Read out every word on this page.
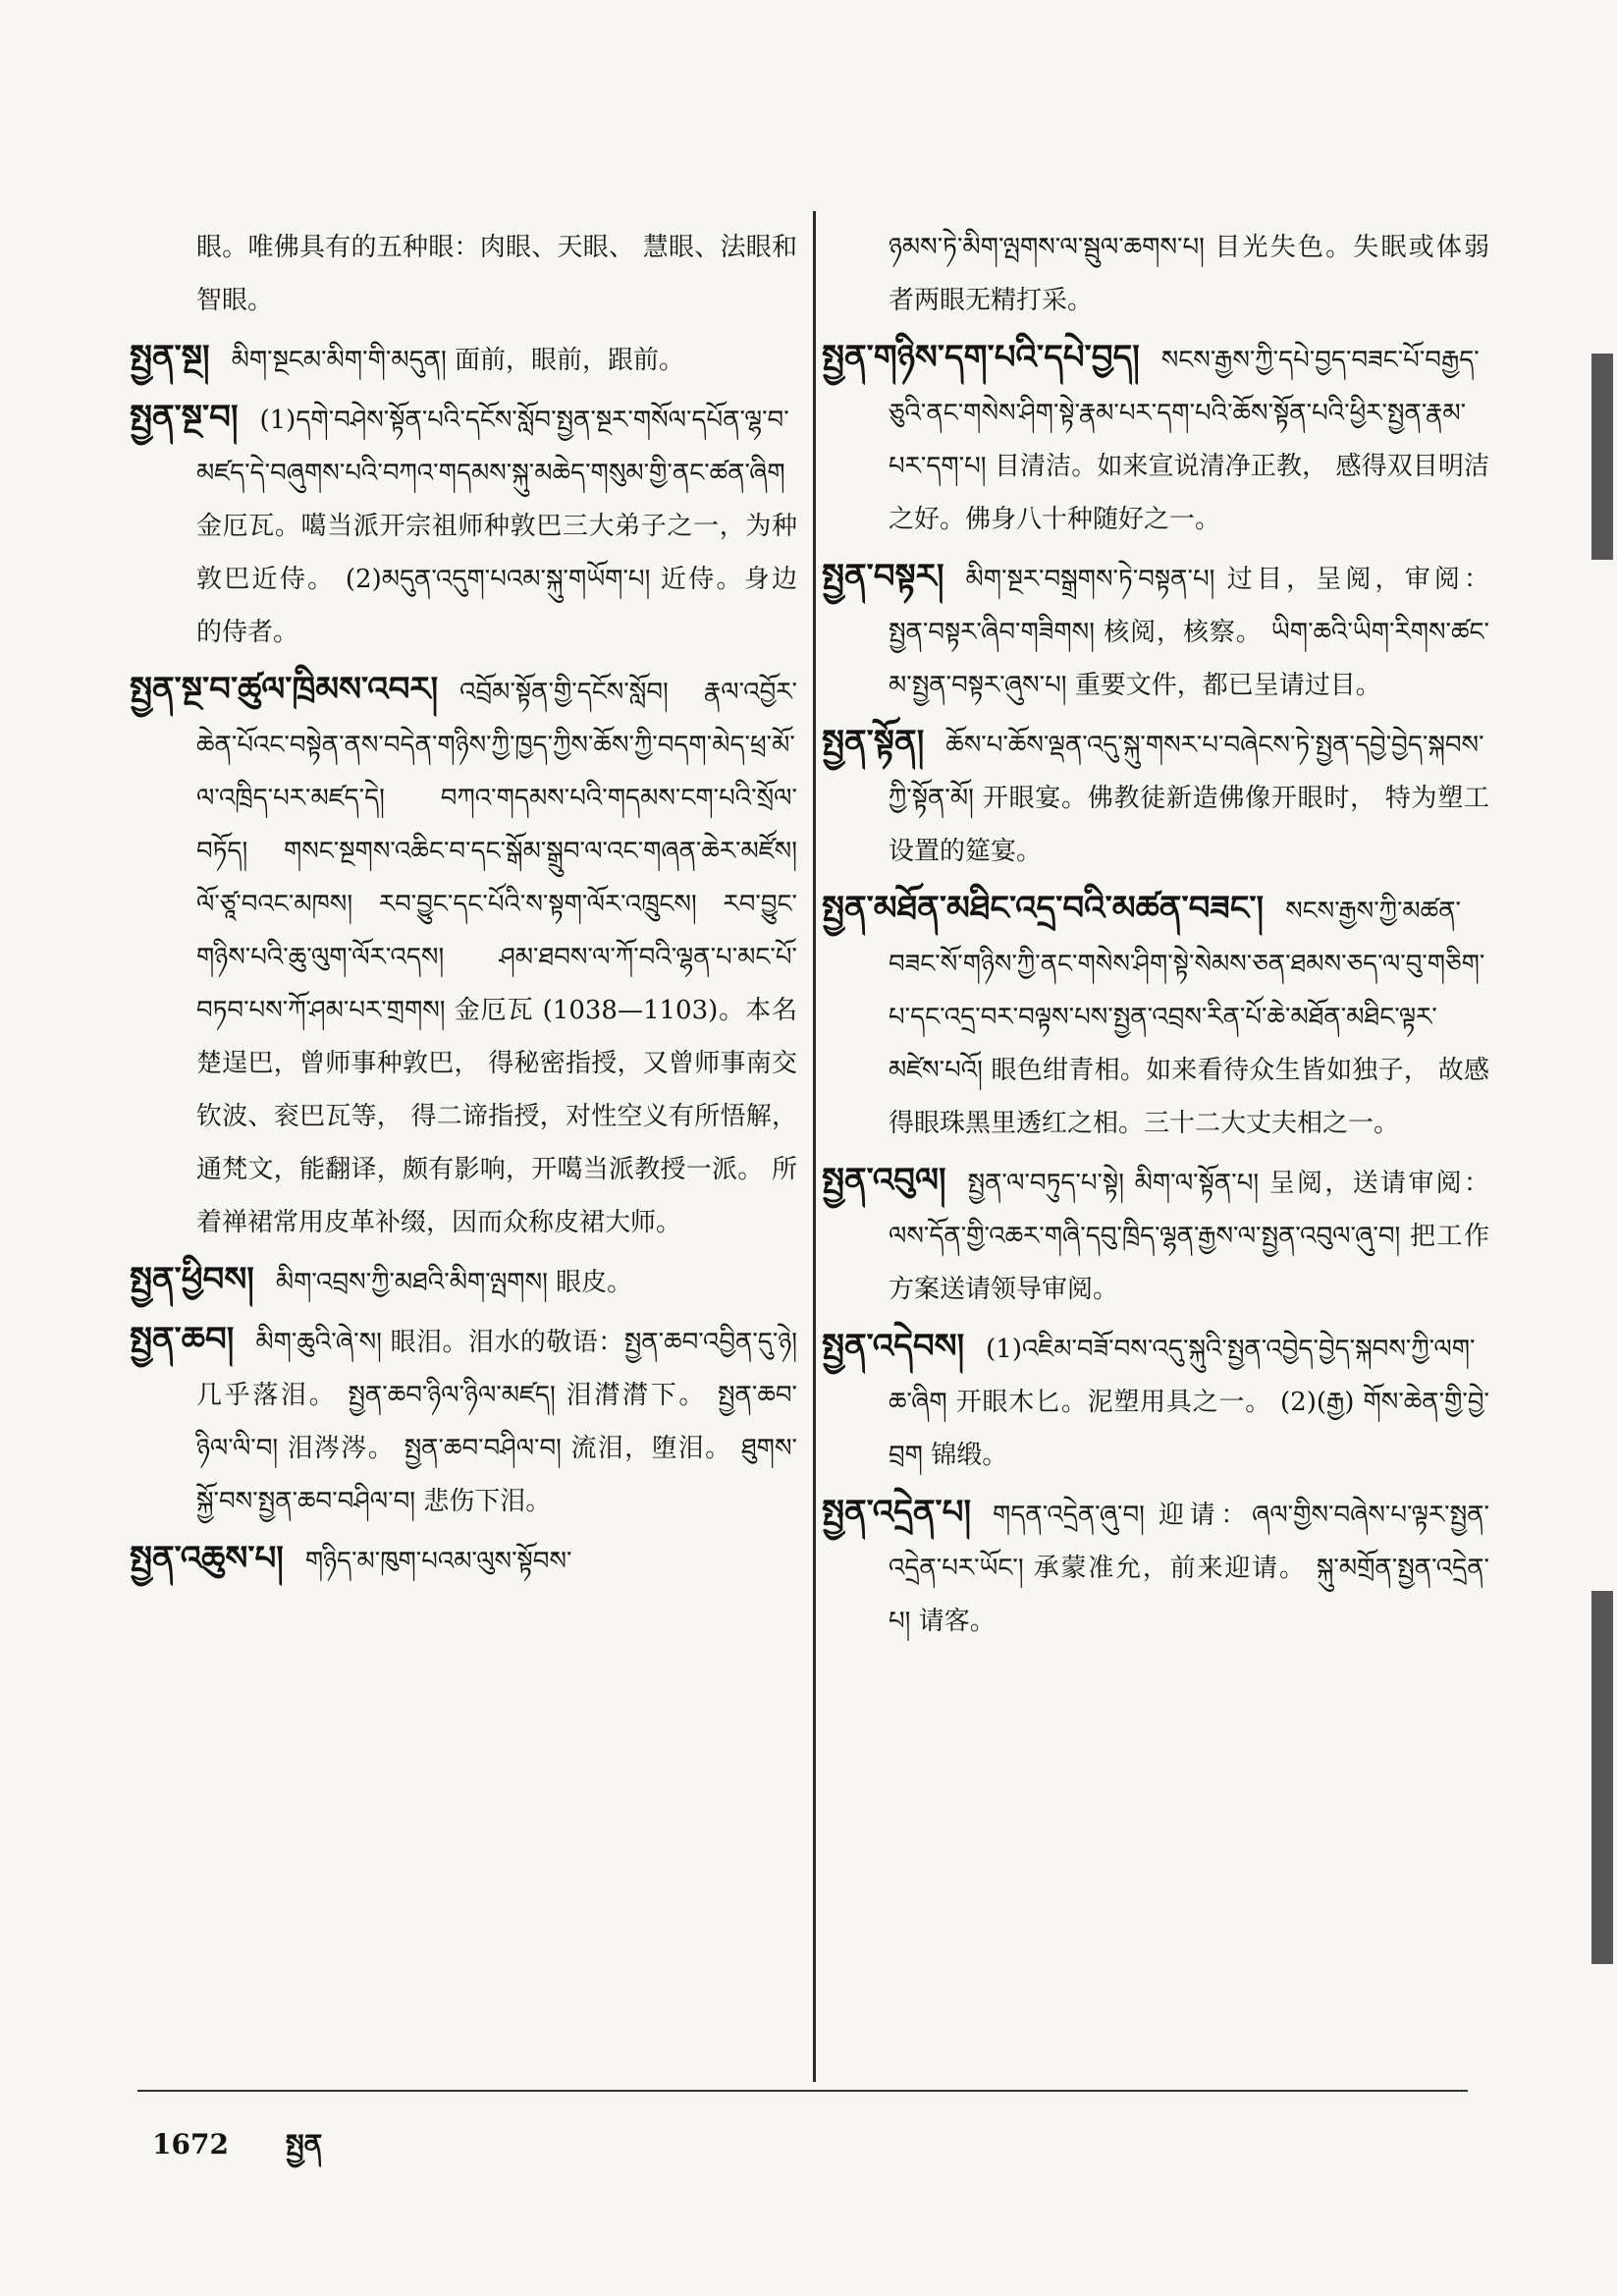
眼。唯佛具有的五种眼：肉眼、天眼、 慧眼、法眼和智眼。

སྤྱན་སྔ། མིག་སྔངམ་མིག་གི་མདུན། 面前，眼前，跟前。

སྤྱན་སྔ་བ། (1)དགེ་བཤེས་སྟོན་པའི་དངོས་སློབ་སྤྱན་སྔར་གསོལ་དཔོན་ལྷ་བ་མཛད་དེ་བཞུགས་པའི་བཀའ་གདམས་སྐུ་མཆེད་གསུམ་གྱི་ནང་ཚན་ཞིག 金厄瓦。噶当派开宗祖师种敦巴三大弟子之一，为种敦巴近侍。 (2)མདུན་འདུག་པའམ་སྐུ་གཡོག་པ། 近侍。身边的侍者。

སྤྱན་སྔ་བ་ཚུལ་ཁྲིམས་འབར། འབྲོམ་སྟོན་གྱི་དངོས་སློབ། རྣལ་འབྱོར་ཆེན་པོའང་བསྟེན་ནས་བདེན་གཉིས་ཀྱི་ཁྱད་ཀྱིས་ཆོས་ཀྱི་བདག་མེད་ཕྲ་མོ་ལ་འཁྲིད་པར་མཛད་དེ། བཀའ་གདམས་པའི་གདམས་ངག་པའི་སྲོལ་བཏོད། གསང་སྔགས་འཆིང་བ་དང་སྒོམ་སྒྲུབ་ལ་འང་གཞན་ཆེར་མཛོས། ལོ་ཙཱ་བའང་མཁས། རབ་བྱུང་དང་པོའི་ས་སྟག་ལོར་འཁྲུངས། རབ་བྱུང་གཉིས་པའི་ཆུ་ལུག་ལོར་འདས། ཤམ་ཐབས་ལ་ཀོ་བའི་ལྷན་པ་མང་པོ་བཏབ་པས་ཀོ་ཤམ་པར་གྲགས། 金厄瓦 (1038—1103)。本名楚逞巴，曾师事种敦巴， 得秘密指授，又曾师事南交钦波、衮巴瓦等， 得二谛指授，对性空义有所悟解，通梵文，能翻译，颇有影响，开噶当派教授一派。 所着禅裙常用皮革补缀，因而众称皮裙大师。

སྤྱན་ཕྱིབས། མིག་འབྲས་ཀྱི་མཐའི་མིག་ལྤགས། 眼皮。

སྤྱན་ཆབ། མིག་ཆུའི་ཞེ་ས། 眼泪。泪水的敬语：སྤྱན་ཆབ་འབྱིན་དུ་ཉེ། 几乎落泪。 སྤྱན་ཆབ་ཉིལ་ཉིལ་མཛད། 泪潸潸下。 སྤྱན་ཆབ་ཉིལ་ལི་བ། 泪涔涔。 སྤྱན་ཆབ་བཤིལ་བ། 流泪，堕泪。 ཐུགས་སྐྱོ་བས་སྤྱན་ཆབ་བཤིལ་བ། 悲伤下泪。

སྤྱན་འཆུས་པ། གཉིད་མ་ཁུག་པའམ་ལུས་སྟོབས་

ཉམས་ཏེ་མིག་ལྤགས་ལ་སྦུལ་ཆགས་པ། 目光失色。失眠或体弱者两眼无精打采。

སྤྱན་གཉིས་དག་པའི་དཔེ་བྱད། སངས་རྒྱས་ཀྱི་དཔེ་བྱད་བཟང་པོ་བརྒྱད་ཅུའི་ནང་གསེས་ཤིག་སྟེ་རྣམ་པར་དག་པའི་ཆོས་སྟོན་པའི་ཕྱིར་སྤྱན་རྣམ་པར་དག་པ། 目清洁。如来宣说清净正教， 感得双目明洁之好。佛身八十种随好之一。

སྤྱན་བསྟར། མིག་སྔར་བསྒྲགས་ཏེ་བསྟན་པ། 过目，呈阅，审阅：སྤྱན་བསྟར་ཞིབ་གཟིགས། 核阅，核察。 ཡིག་ཆའི་ཡིག་རིགས་ཚང་མ་སྤྱན་བསྟར་ཞུས་པ། 重要文件，都已呈请过目。

སྤྱན་སྟོན། ཆོས་པ་ཆོས་ལྡན་འདུ་སྐུ་གསར་པ་བཞེངས་ཏེ་སྤྱན་དབྱེ་བྱེད་སྐབས་ཀྱི་སྟོན་མོ། 开眼宴。佛教徒新造佛像开眼时， 特为塑工设置的筵宴。

སྤྱན་མཐོན་མཐིང་འདྲ་བའི་མཚན་བཟང་། སངས་རྒྱས་ཀྱི་མཚན་བཟང་སོ་གཉིས་ཀྱི་ནང་གསེས་ཤིག་སྟེ་སེམས་ཅན་ཐམས་ཅད་ལ་བུ་གཅིག་པ་དང་འདྲ་བར་བལྟས་པས་སྤྱན་འབྲས་རིན་པོ་ཆེ་མཐོན་མཐིང་ལྟར་མཛེས་པའོ། 眼色绀青相。如来看待众生皆如独子， 故感得眼珠黑里透红之相。三十二大丈夫相之一。

སྤྱན་འབུལ། སྤྱན་ལ་བཏུད་པ་སྟེ། མིག་ལ་སྟོན་པ། 呈阅，送请审阅：ལས་དོན་གྱི་འཆར་གཞི་དབུ་ཁྲིད་ལྷན་རྒྱས་ལ་སྤྱན་འབུལ་ཞུ་བ། 把工作方案送请领导审阅。

སྤྱན་འདེབས། (1)འཇིམ་བཟོ་བས་འདུ་སྐུའི་སྤྱན་འབྱེད་བྱེད་སྐབས་ཀྱི་ལག་ཆ་ཞིག 开眼木匕。泥塑用具之一。 (2)(རྒྱ) གོས་ཆེན་གྱི་བྱེ་བྲག 锦缎。

སྤྱན་འདྲེན་པ། གདན་འདྲེན་ཞུ་བ། 迎请：ཞལ་གྱིས་བཞེས་པ་ལྟར་སྤྱན་འདྲེན་པར་ཡོང་། 承蒙准允，前来迎请。 སྐུ་མགྲོན་སྤྱན་འདྲེན་པ། 请客。

1672 སྤྱན
